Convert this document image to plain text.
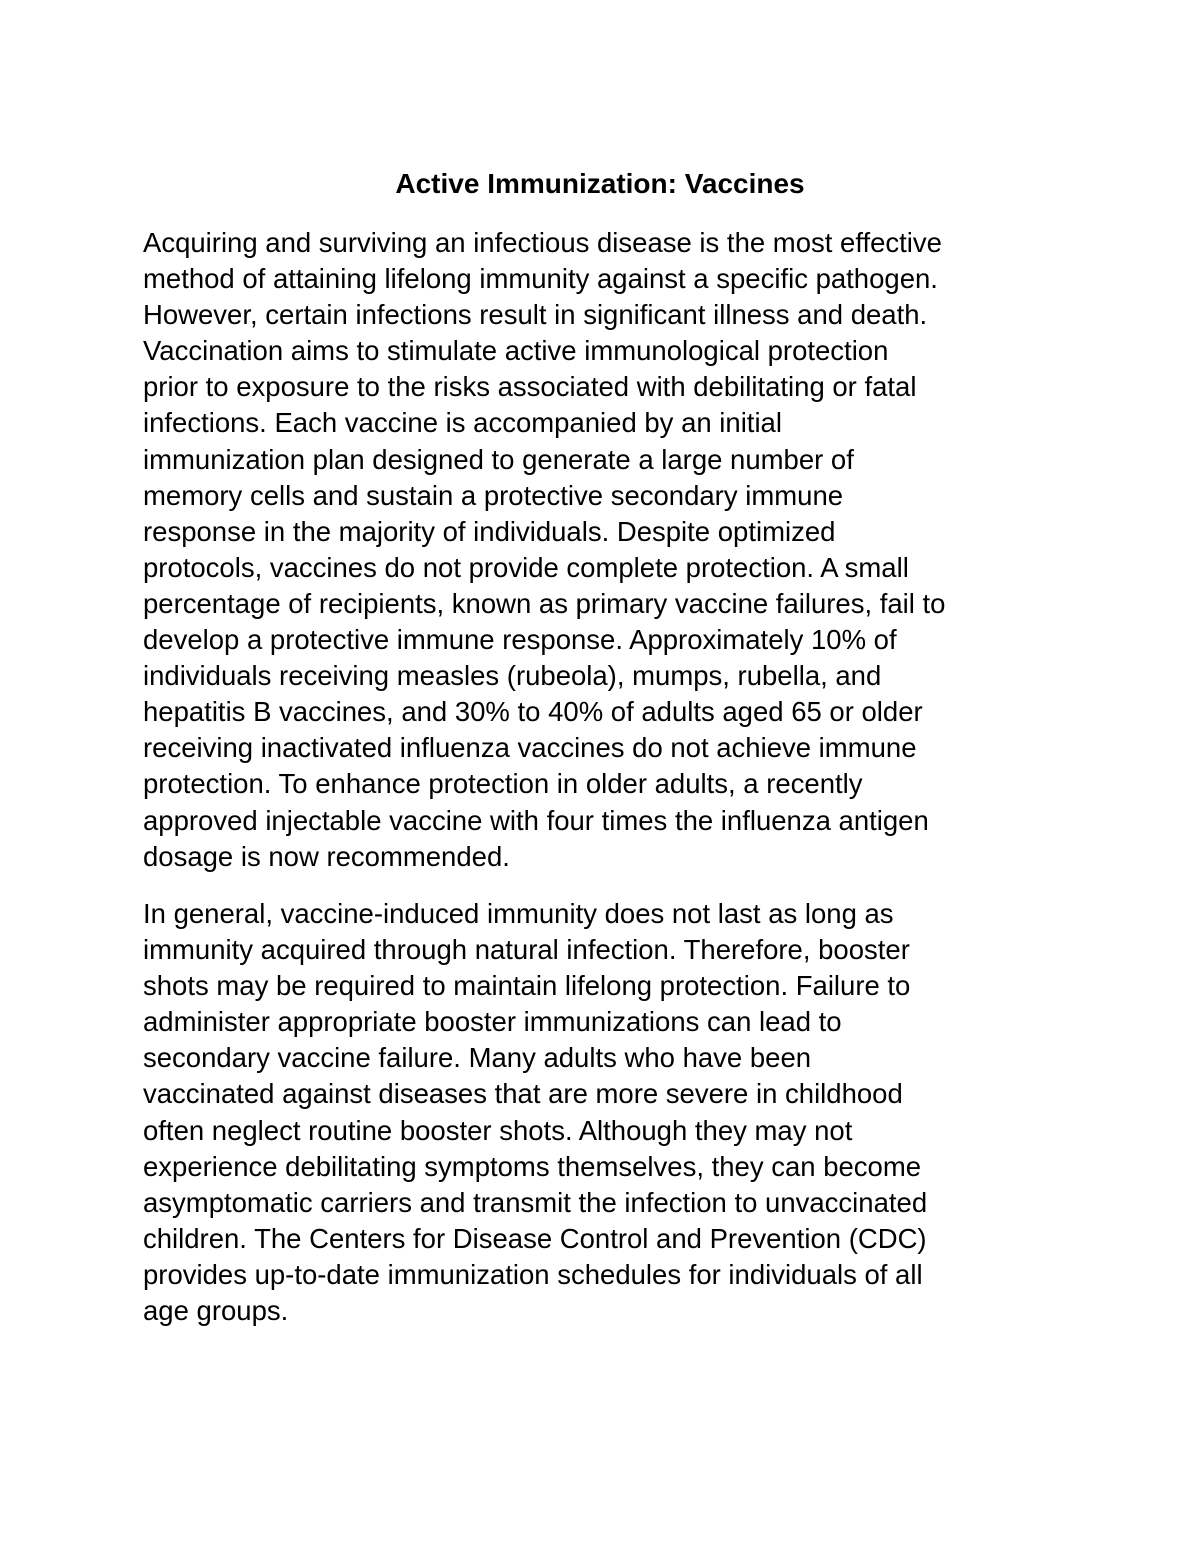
Active Immunization: Vaccines
Acquiring and surviving an infectious disease is the most effective
method of attaining lifelong immunity against a specific pathogen.
However, certain infections result in significant illness and death.
Vaccination aims to stimulate active immunological protection
prior to exposure to the risks associated with debilitating or fatal
infections. Each vaccine is accompanied by an initial
immunization plan designed to generate a large number of
memory cells and sustain a protective secondary immune
response in the majority of individuals. Despite optimized
protocols, vaccines do not provide complete protection. A small
percentage of recipients, known as primary vaccine failures, fail to
develop a protective immune response. Approximately 10% of
individuals receiving measles (rubeola), mumps, rubella, and
hepatitis B vaccines, and 30% to 40% of adults aged 65 or older
receiving inactivated influenza vaccines do not achieve immune
protection. To enhance protection in older adults, a recently
approved injectable vaccine with four times the influenza antigen
dosage is now recommended.
In general, vaccine-induced immunity does not last as long as
immunity acquired through natural infection. Therefore, booster
shots may be required to maintain lifelong protection. Failure to
administer appropriate booster immunizations can lead to
secondary vaccine failure. Many adults who have been
vaccinated against diseases that are more severe in childhood
often neglect routine booster shots. Although they may not
experience debilitating symptoms themselves, they can become
asymptomatic carriers and transmit the infection to unvaccinated
children. The Centers for Disease Control and Prevention (CDC)
provides up-to-date immunization schedules for individuals of all
age groups.
